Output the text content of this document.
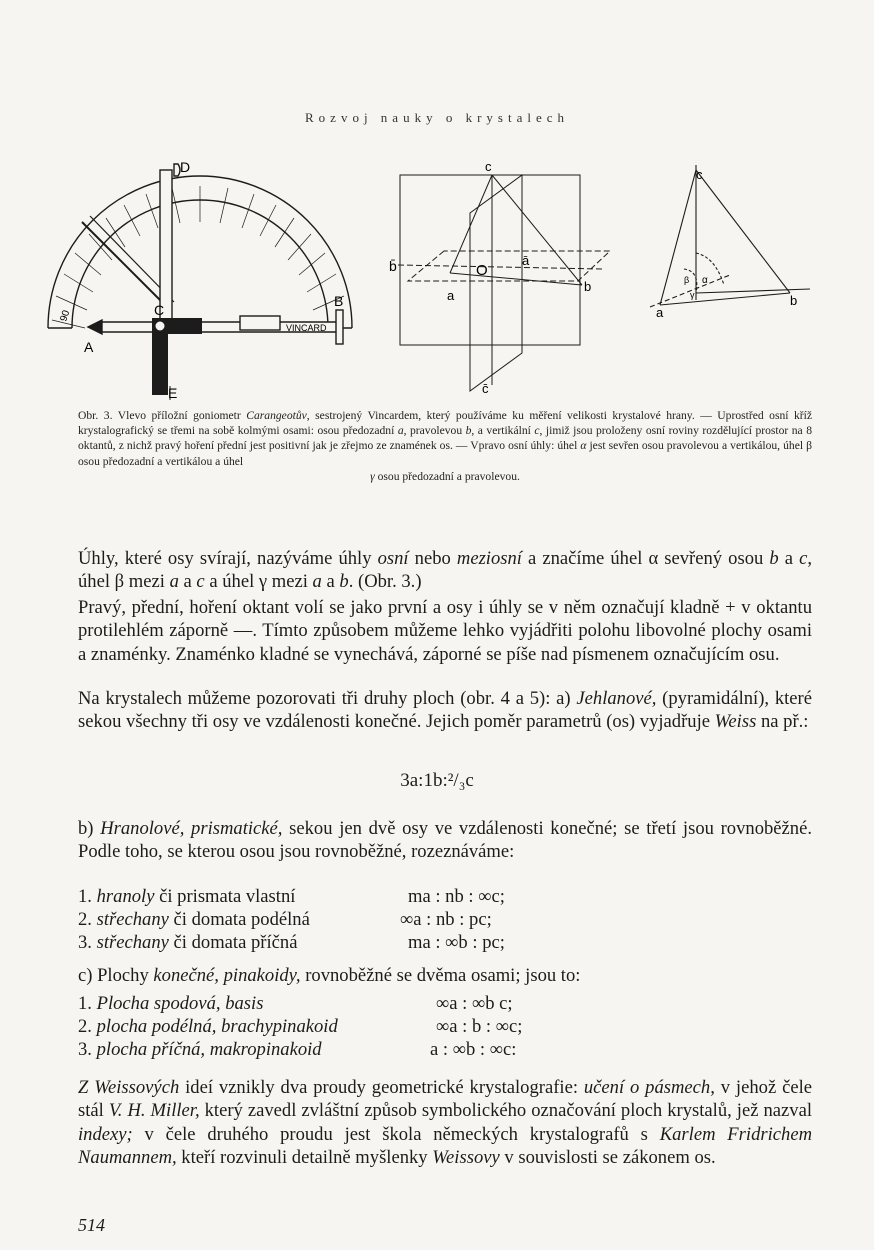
Rozvoj nauky o krystalech
C
A
B
E
D
VINCARD
90
c
b̄	O
ā
a
b
c̄
c
a
b
α
β
γ
Obr. 3. Vlevo příložní goniometr Carangeotův, sestrojený Vincardem, který používáme ku měření velikosti krystalové hrany. — Uprostřed osní kříž krystalografický se třemi na sobě kolmými osami: osou předozadní a, pravolevou b, a vertikální c, jimiž jsou proloženy osní roviny rozdělující prostor na 8 oktantů, z nichž pravý hoření přední jest positivní jak je zřejmo ze znamének os. — Vpravo osní úhly: úhel α jest sevřen osou pravolevou a vertikálou, úhel β osou předozadní a vertikálou a úhel
γ osou předozadní a pravolevou.
Úhly, které osy svírají, nazýváme úhly osní nebo meziosní a značíme úhel α sevřený osou b a c, úhel β mezi a a c a úhel γ mezi a a b. (Obr. 3.)
Pravý, přední, hoření oktant volí se jako první a osy i úhly se v něm označují kladně + v oktantu protilehlém záporně —. Tímto způsobem můžeme lehko vyjádřiti polohu libovolné plochy osami a znaménky. Znaménko kladné se vynechává, záporné se píše nad písmenem označujícím osu.
Na krystalech můžeme pozorovati tři druhy ploch (obr. 4 a 5): a) Jehlanové, (pyramidální), které sekou všechny tři osy ve vzdálenosti konečné. Jejich poměr parametrů (os) vyjadřuje Weiss na př.:
3a:1b:²/₃c
b) Hranolové, prismatické, sekou jen dvě osy ve vzdálenosti konečné; se třetí jsou rovnoběžné. Podle toho, se kterou osou jsou rovnoběžné, rozeznáváme:
1. hranoly či prismata vlastní	ma : nb : ∞c;
2. střechany či domata podélná	∞a : nb : pc;
3. střechany či domata příčná	ma : ∞b : pc;
c) Plochy konečné, pinakoidy, rovnoběžné se dvěma osami; jsou to:
1. Plocha spodová, basis	∞a : ∞b c;
2. plocha podélná, brachypinakoid	∞a : b : ∞c;
3. plocha příčná, makropinakoid	a : ∞b : ∞c:
Z Weissových ideí vznikly dva proudy geometrické krystalografie: učení o pásmech, v jehož čele stál V. H. Miller, který zavedl zvláštní způsob symbolického označování ploch krystalů, jež nazval indexy; v čele druhého proudu jest škola německých krystalografů s Karlem Fridrichem Naumannem, kteří rozvinuli detailně myšlenky Weissovy v souvislosti se zákonem os.
514
